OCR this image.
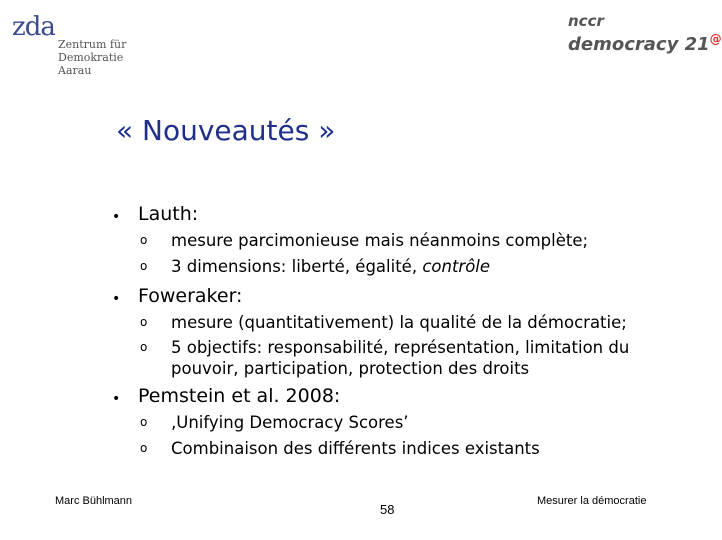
zda
Zentrum für
Demokratie
Aarau
nccr
democracy 21@
« Nouveautés »
• Lauth:
o mesure parcimonieuse mais néanmoins complète;
o 3 dimensions: liberté, égalité, contrôle
• Foweraker:
o mesure (quantitativement) la qualité de la démocratie;
o 5 objectifs: responsabilité, représentation, limitation du pouvoir, participation, protection des droits
• Pemstein et al. 2008:
o ‚Unifying Democracy Scores’
o Combinaison des différents indices existants
Marc Bühlmann
58
Mesurer la démocratie
